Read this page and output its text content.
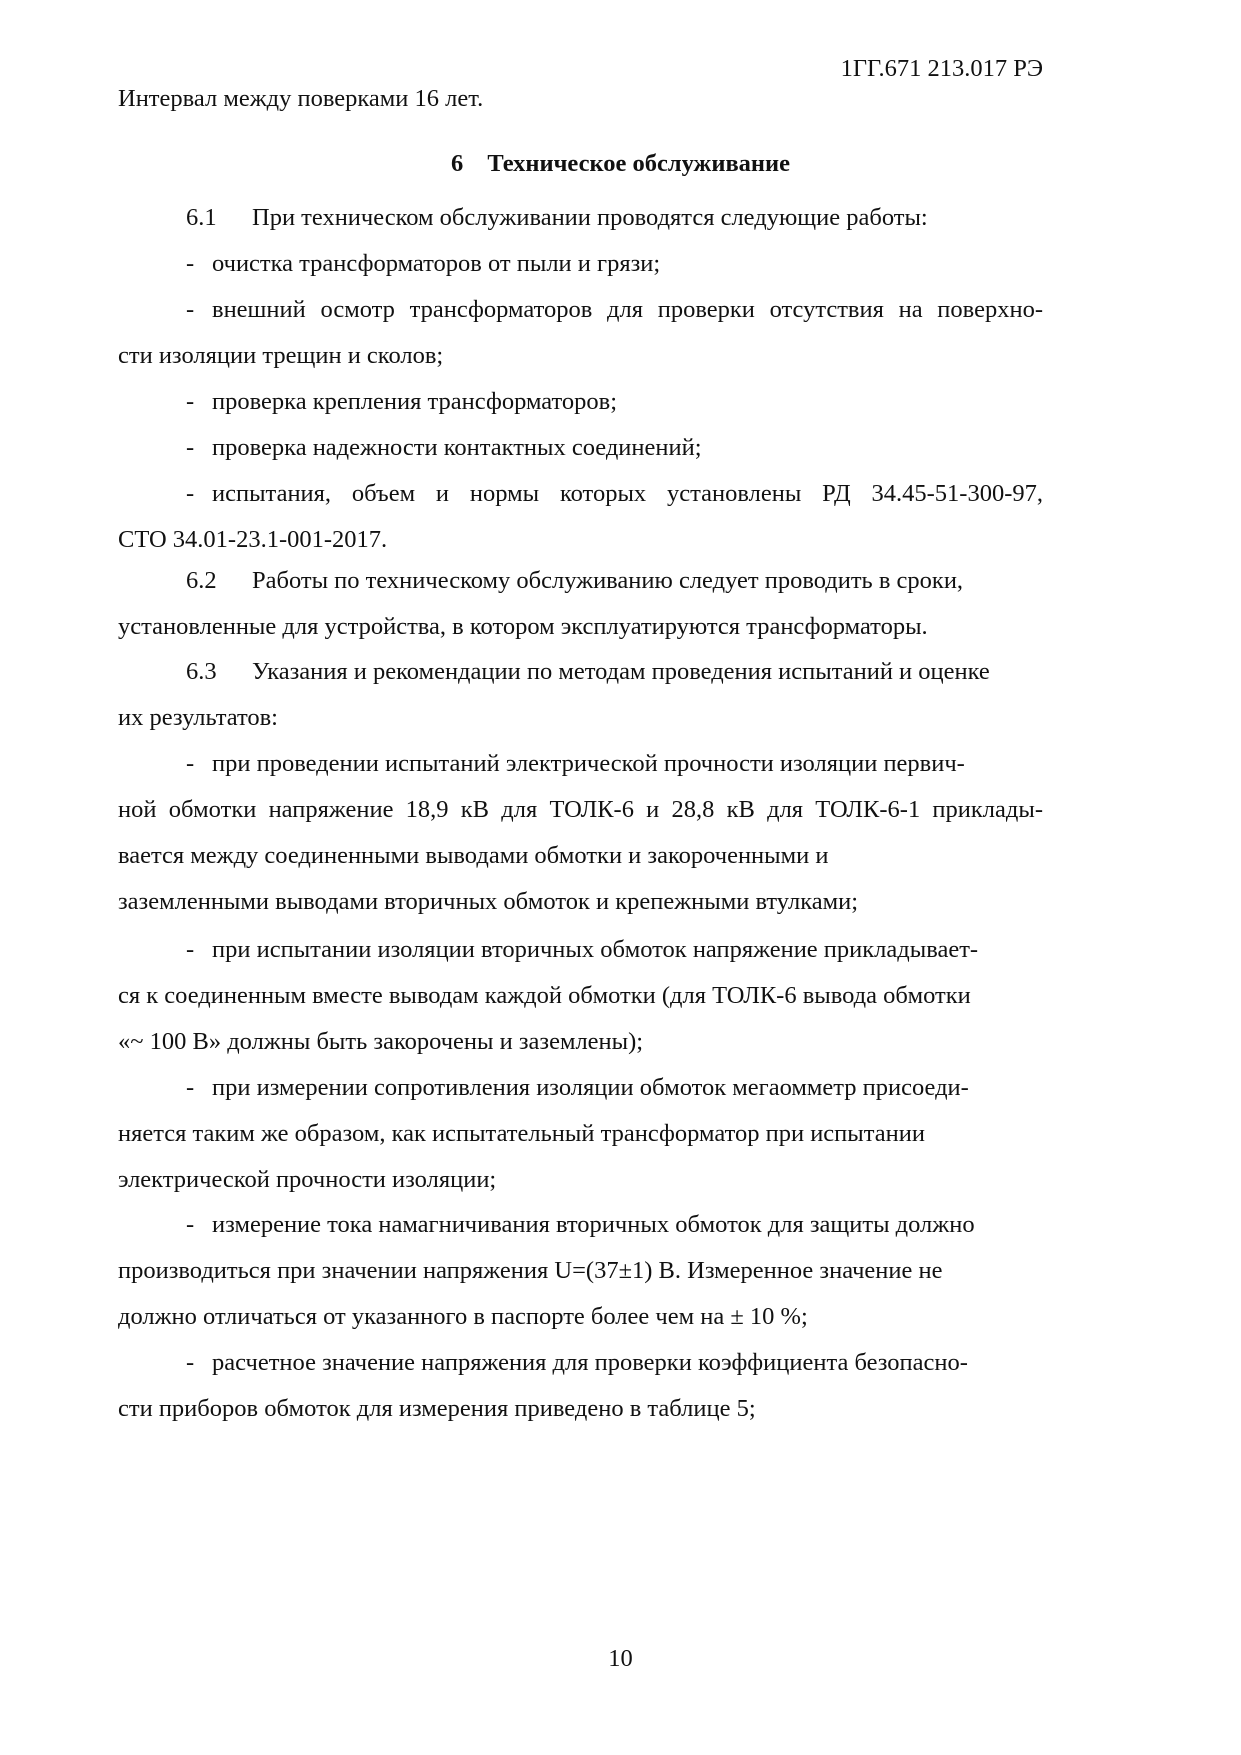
1ГГ.671 213.017 РЭ
Интервал между поверками 16 лет.
6 Техническое обслуживание
6.1 При техническом обслуживании проводятся следующие работы:
- очистка трансформаторов от пыли и грязи;
- внешний осмотр трансформаторов для проверки отсутствия на поверхно-
сти изоляции трещин и сколов;
- проверка крепления трансформаторов;
- проверка надежности контактных соединений;
- испытания, объем и нормы которых установлены РД 34.45-51-300-97,
СТО 34.01-23.1-001-2017.
6.2 Работы по техническому обслуживанию следует проводить в сроки,
установленные для устройства, в котором эксплуатируются трансформаторы.
6.3 Указания и рекомендации по методам проведения испытаний и оценке
их результатов:
- при проведении испытаний электрической прочности изоляции первич-
ной обмотки напряжение 18,9 кВ для ТОЛК-6 и 28,8 кВ для ТОЛК-6-1 приклады-
вается между соединенными выводами обмотки и закороченными и
заземленными выводами вторичных обмоток и крепежными втулками;
- при испытании изоляции вторичных обмоток напряжение прикладывает-
ся к соединенным вместе выводам каждой обмотки (для ТОЛК-6 вывода обмотки
«~ 100 В» должны быть закорочены и заземлены);
- при измерении сопротивления изоляции обмоток мегаомметр присоеди-
няется таким же образом, как испытательный трансформатор при испытании
электрической прочности изоляции;
- измерение тока намагничивания вторичных обмоток для защиты должно
производиться при значении напряжения U=(37±1) В. Измеренное значение не
должно отличаться от указанного в паспорте более чем на ± 10 %;
- расчетное значение напряжения для проверки коэффициента безопасно-
сти приборов обмоток для измерения приведено в таблице 5;
10
